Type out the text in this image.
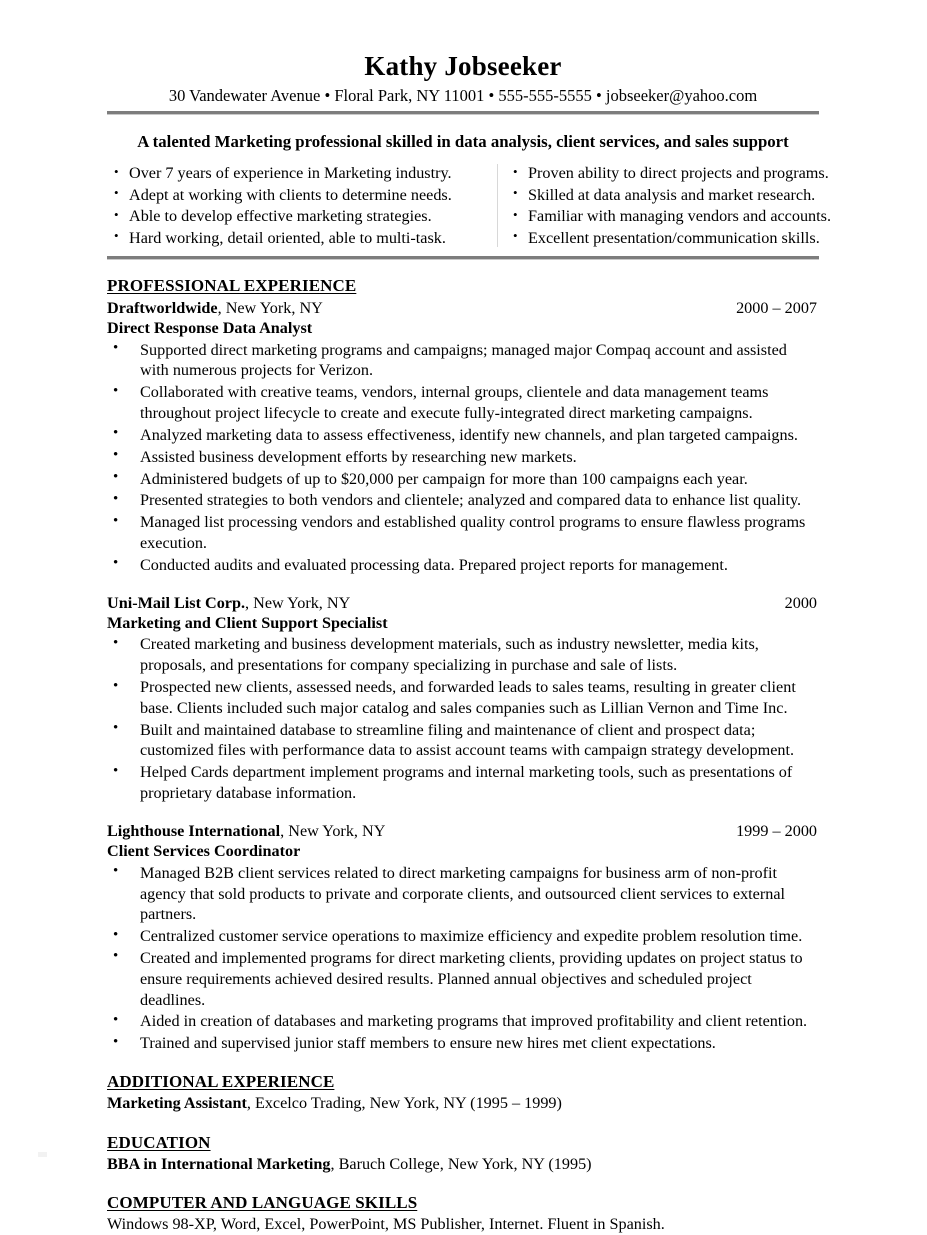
Kathy Jobseeker
30 Vandewater Avenue • Floral Park, NY 11001 • 555-555-5555 • jobseeker@yahoo.com
A talented Marketing professional skilled in data analysis, client services, and sales support
• Over 7 years of experience in Marketing industry.
• Adept at working with clients to determine needs.
• Able to develop effective marketing strategies.
• Hard working, detail oriented, able to multi-task.
• Proven ability to direct projects and programs.
• Skilled at data analysis and market research.
• Familiar with managing vendors and accounts.
• Excellent presentation/communication skills.
PROFESSIONAL EXPERIENCE
Draftworldwide, New York, NY	2000 – 2007
Direct Response Data Analyst
• Supported direct marketing programs and campaigns; managed major Compaq account and assisted with numerous projects for Verizon.
• Collaborated with creative teams, vendors, internal groups, clientele and data management teams throughout project lifecycle to create and execute fully-integrated direct marketing campaigns.
• Analyzed marketing data to assess effectiveness, identify new channels, and plan targeted campaigns.
• Assisted business development efforts by researching new markets.
• Administered budgets of up to $20,000 per campaign for more than 100 campaigns each year.
• Presented strategies to both vendors and clientele; analyzed and compared data to enhance list quality.
• Managed list processing vendors and established quality control programs to ensure flawless programs execution.
• Conducted audits and evaluated processing data. Prepared project reports for management.
Uni-Mail List Corp., New York, NY	2000
Marketing and Client Support Specialist
• Created marketing and business development materials, such as industry newsletter, media kits, proposals, and presentations for company specializing in purchase and sale of lists.
• Prospected new clients, assessed needs, and forwarded leads to sales teams, resulting in greater client base. Clients included such major catalog and sales companies such as Lillian Vernon and Time Inc.
• Built and maintained database to streamline filing and maintenance of client and prospect data; customized files with performance data to assist account teams with campaign strategy development.
• Helped Cards department implement programs and internal marketing tools, such as presentations of proprietary database information.
Lighthouse International, New York, NY	1999 – 2000
Client Services Coordinator
• Managed B2B client services related to direct marketing campaigns for business arm of non-profit agency that sold products to private and corporate clients, and outsourced client services to external partners.
• Centralized customer service operations to maximize efficiency and expedite problem resolution time.
• Created and implemented programs for direct marketing clients, providing updates on project status to ensure requirements achieved desired results. Planned annual objectives and scheduled project deadlines.
• Aided in creation of databases and marketing programs that improved profitability and client retention.
• Trained and supervised junior staff members to ensure new hires met client expectations.
ADDITIONAL EXPERIENCE
Marketing Assistant, Excelco Trading, New York, NY (1995 – 1999)
EDUCATION
BBA in International Marketing, Baruch College, New York, NY (1995)
COMPUTER AND LANGUAGE SKILLS
Windows 98-XP, Word, Excel, PowerPoint, MS Publisher, Internet. Fluent in Spanish.
